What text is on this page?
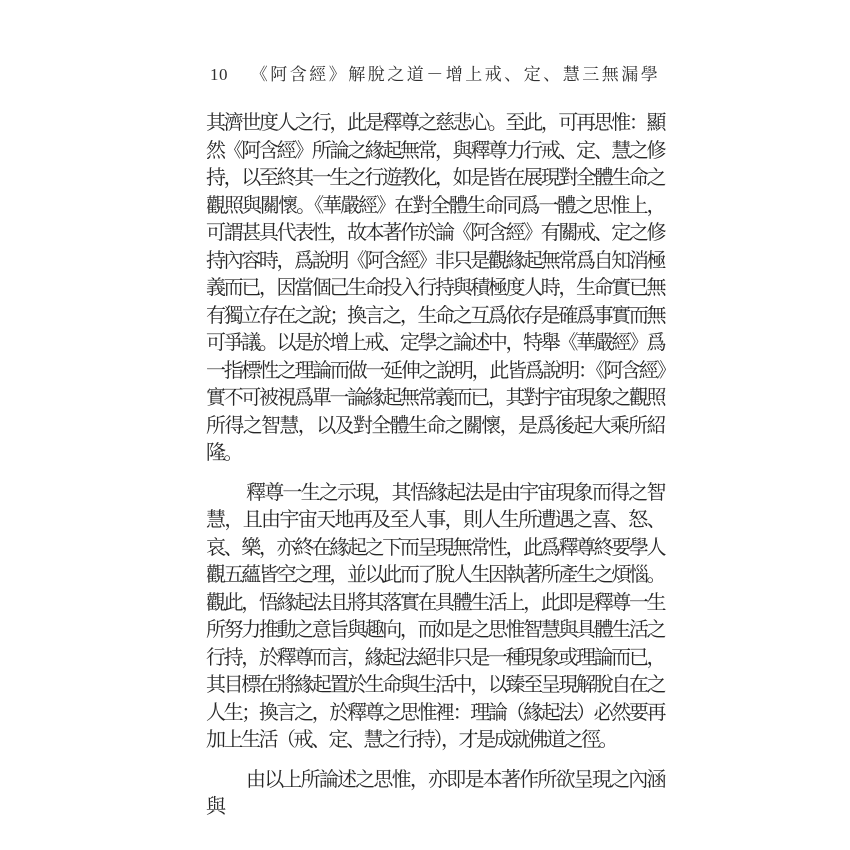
10 《阿含經》解脫之道－增上戒、定、慧三無漏學

其濟世度人之行，此是釋尊之慈悲心。至此，可再思惟：顯然《阿含經》所論之緣起無常，與釋尊力行戒、定、慧之修持，以至終其一生之行遊教化，如是皆在展現對全體生命之觀照與關懷。《華嚴經》在對全體生命同爲一體之思惟上，可謂甚具代表性，故本著作於論《阿含經》有關戒、定之修持內容時，爲說明《阿含經》非只是觀緣起無常爲自知消極義而已，因當個己生命投入行持與積極度人時，生命實已無有獨立存在之說；換言之，生命之互爲依存是確爲事實而無可爭議。以是於增上戒、定學之論述中，特舉《華嚴經》爲一指標性之理論而做一延伸之說明，此皆爲說明：《阿含經》實不可被視爲單一論緣起無常義而已，其對宇宙現象之觀照所得之智慧，以及對全體生命之關懷，是爲後起大乘所紹隆。

釋尊一生之示現，其悟緣起法是由宇宙現象而得之智慧，且由宇宙天地再及至人事，則人生所遭遇之喜、怒、哀、樂，亦終在緣起之下而呈現無常性，此爲釋尊終要學人觀五蘊皆空之理，並以此而了脫人生因執著所產生之煩惱。觀此，悟緣起法且將其落實在具體生活上，此即是釋尊一生所努力推動之意旨與趣向，而如是之思惟智慧與具體生活之行持，於釋尊而言，緣起法絕非只是一種現象或理論而已，其目標在將緣起置於生命與生活中，以臻至呈現解脫自在之人生；換言之，於釋尊之思惟裡：理論（緣起法）必然要再加上生活（戒、定、慧之行持），才是成就佛道之徑。

由以上所論述之思惟，亦即是本著作所欲呈現之內涵與
